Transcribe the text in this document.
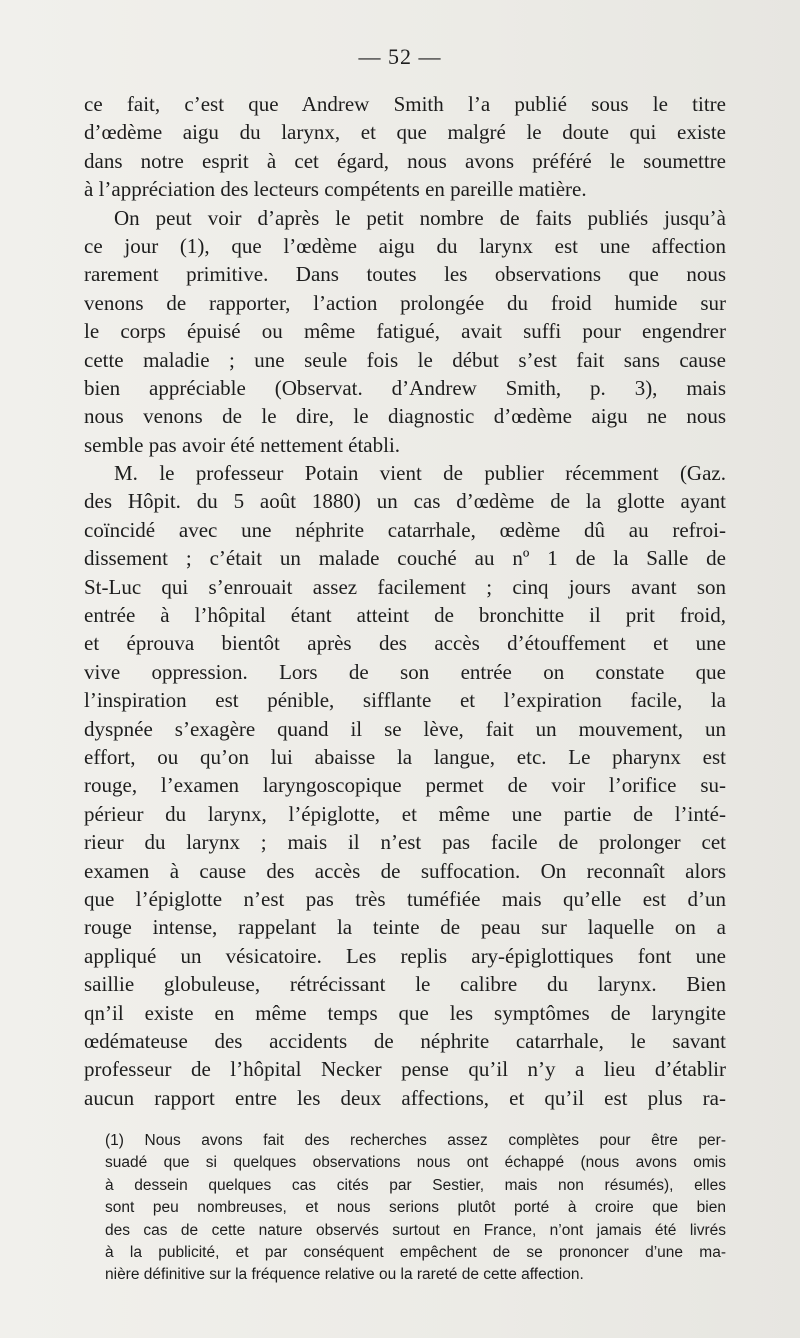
— 52 —
ce fait, c’est que Andrew Smith l’a publié sous le titre
d’œdème aigu du larynx, et que malgré le doute qui existe
dans notre esprit à cet égard, nous avons préféré le soumettre
à l’appréciation des lecteurs compétents en pareille matière.
On peut voir d’après le petit nombre de faits publiés jusqu’à
ce jour (1), que l’œdème aigu du larynx est une affection
rarement primitive. Dans toutes les observations que nous
venons de rapporter, l’action prolongée du froid humide sur
le corps épuisé ou même fatigué, avait suffi pour engendrer
cette maladie ; une seule fois le début s’est fait sans cause
bien appréciable (Observat. d’Andrew Smith, p. 3), mais
nous venons de le dire, le diagnostic d’œdème aigu ne nous
semble pas avoir été nettement établi.
M. le professeur Potain vient de publier récemment (Gaz.
des Hôpit. du 5 août 1880) un cas d’œdème de la glotte ayant
coïncidé avec une néphrite catarrhale, œdème dû au refroi-
dissement ; c’était un malade couché au nº 1 de la Salle de
St-Luc qui s’enrouait assez facilement ; cinq jours avant son
entrée à l’hôpital étant atteint de bronchitte il prit froid,
et éprouva bientôt après des accès d’étouffement et une
vive oppression. Lors de son entrée on constate que
l’inspiration est pénible, sifflante et l’expiration facile, la
dyspnée s’exagère quand il se lève, fait un mouvement, un
effort, ou qu’on lui abaisse la langue, etc. Le pharynx est
rouge, l’examen laryngoscopique permet de voir l’orifice su-
périeur du larynx, l’épiglotte, et même une partie de l’inté-
rieur du larynx ; mais il n’est pas facile de prolonger cet
examen à cause des accès de suffocation. On reconnaît alors
que l’épiglotte n’est pas très tuméfiée mais qu’elle est d’un
rouge intense, rappelant la teinte de peau sur laquelle on a
appliqué un vésicatoire. Les replis ary-épiglottiques font une
saillie globuleuse, rétrécissant le calibre du larynx. Bien
qn’il existe en même temps que les symptômes de laryngite
œdémateuse des accidents de néphrite catarrhale, le savant
professeur de l’hôpital Necker pense qu’il n’y a lieu d’établir
aucun rapport entre les deux affections, et qu’il est plus ra-
(1) Nous avons fait des recherches assez complètes pour être per-
suadé que si quelques observations nous ont échappé (nous avons omis
à dessein quelques cas cités par Sestier, mais non résumés), elles
sont peu nombreuses, et nous serions plutôt porté à croire que bien
des cas de cette nature observés surtout en France, n’ont jamais été livrés
à la publicité, et par conséquent empêchent de se prononcer d’une ma-
nière définitive sur la fréquence relative ou la rareté de cette affection.
